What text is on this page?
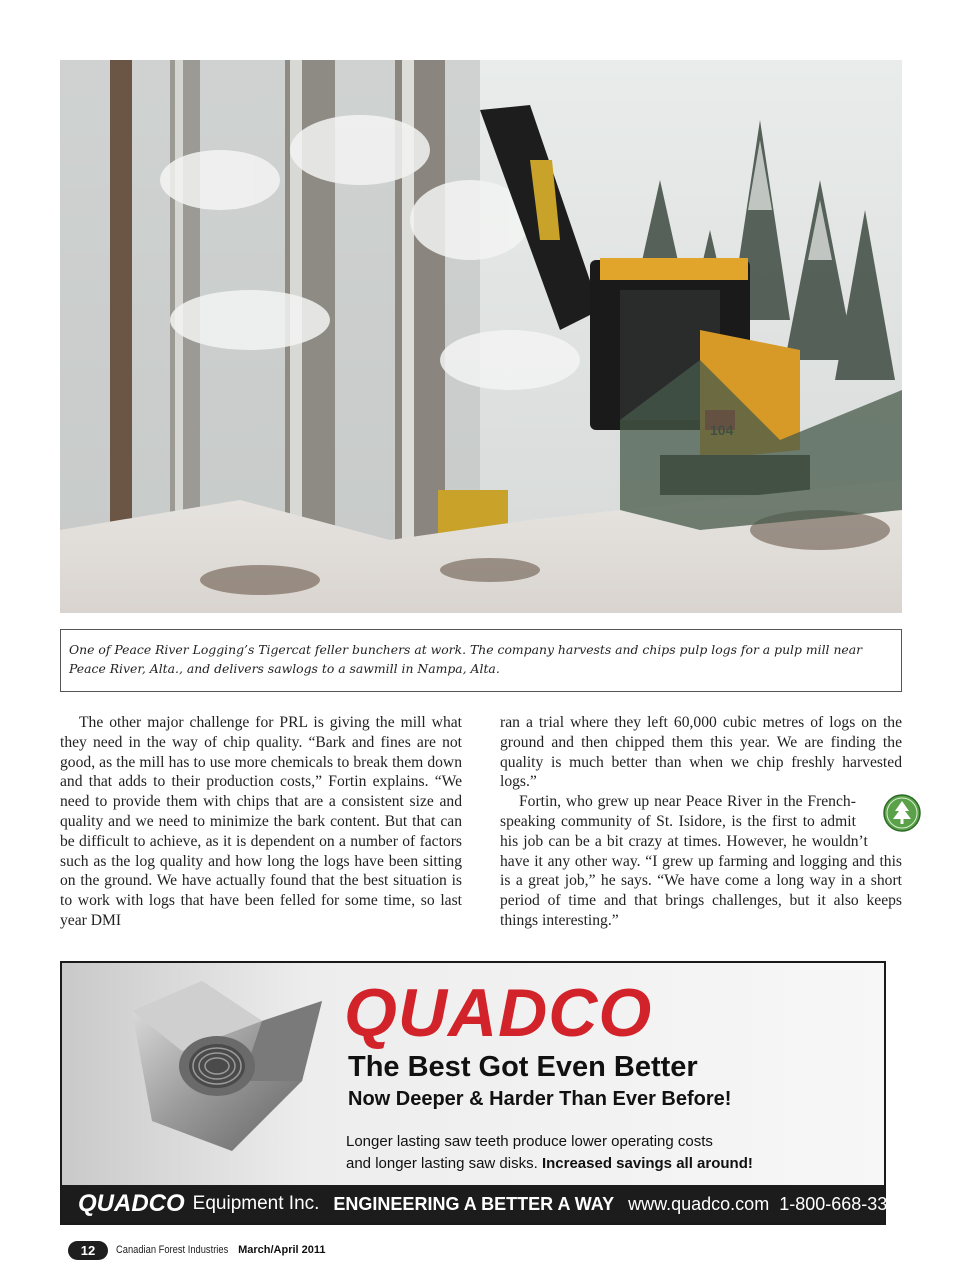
One of Peace River Logging’s Tigercat feller bunchers at work. The company harvests and chips pulp logs for a pulp mill near Peace River, Alta., and delivers sawlogs to a sawmill in Nampa, Alta.

The other major challenge for PRL is giving the mill what they need in the way of chip quality. “Bark and fines are not good, as the mill has to use more chemicals to break them down and that adds to their production costs,” Fortin explains. “We need to provide them with chips that are a consistent size and quality and we need to minimize the bark content. But that can be difficult to achieve, as it is dependent on a number of factors such as the log quality and how long the logs have been sitting on the ground. We have actually found that the best situation is to work with logs that have been felled for some time, so last year DMI

ran a trial where they left 60,000 cubic metres of logs on the ground and then chipped them this year. We are finding the quality is much better than when we chip freshly harvested logs.”

Fortin, who grew up near Peace River in the French-speaking community of St. Isidore, is the first to admit his job can be a bit crazy at times. However, he wouldn’t have it any other way. “I grew up farming and logging and this is a great job,” he says. “We have come a long way in a short period of time and that brings challenges, but it also keeps things interesting.”

QUADCO
The Best Got Even Better
Now Deeper & Harder Than Ever Before!
Longer lasting saw teeth produce lower operating costs
and longer lasting saw disks. Increased savings all around!
QUADCO Equipment Inc. ENGINEERING A BETTER A WAY www.quadco.com 1-800-668-3340
12	Canadian Forest Industries March/April 2011
